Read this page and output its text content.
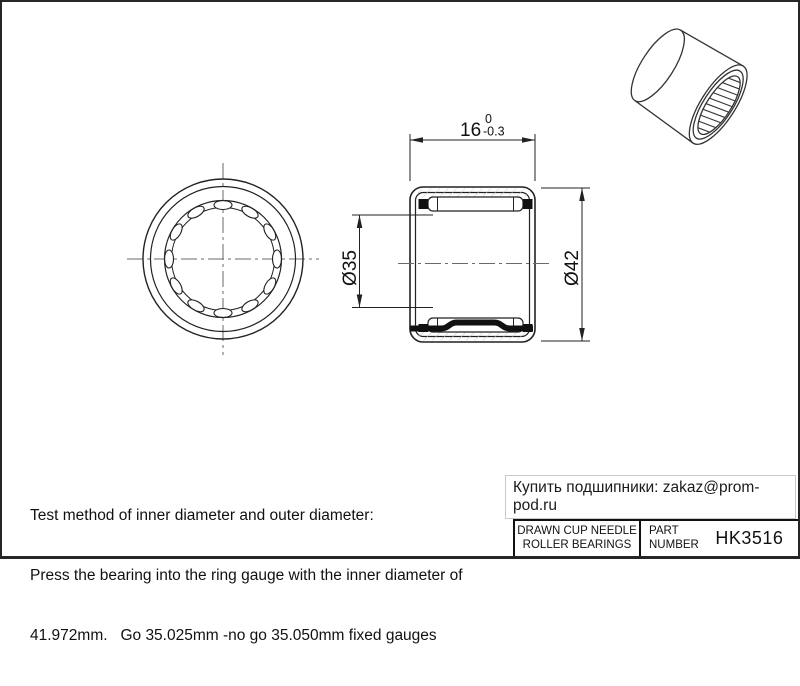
16
0
-0.3
Ø35	Ø42

Test method of inner diameter and outer diameter:

Press the bearing into the ring gauge with the inner diameter of

41.972mm.   Go 35.025mm -no go 35.050mm fixed gauges

Купить подшипники: zakaz@prom-pod.ru
DRAWN CUP NEEDLE
ROLLER BEARINGS
PART
NUMBER HK3516
